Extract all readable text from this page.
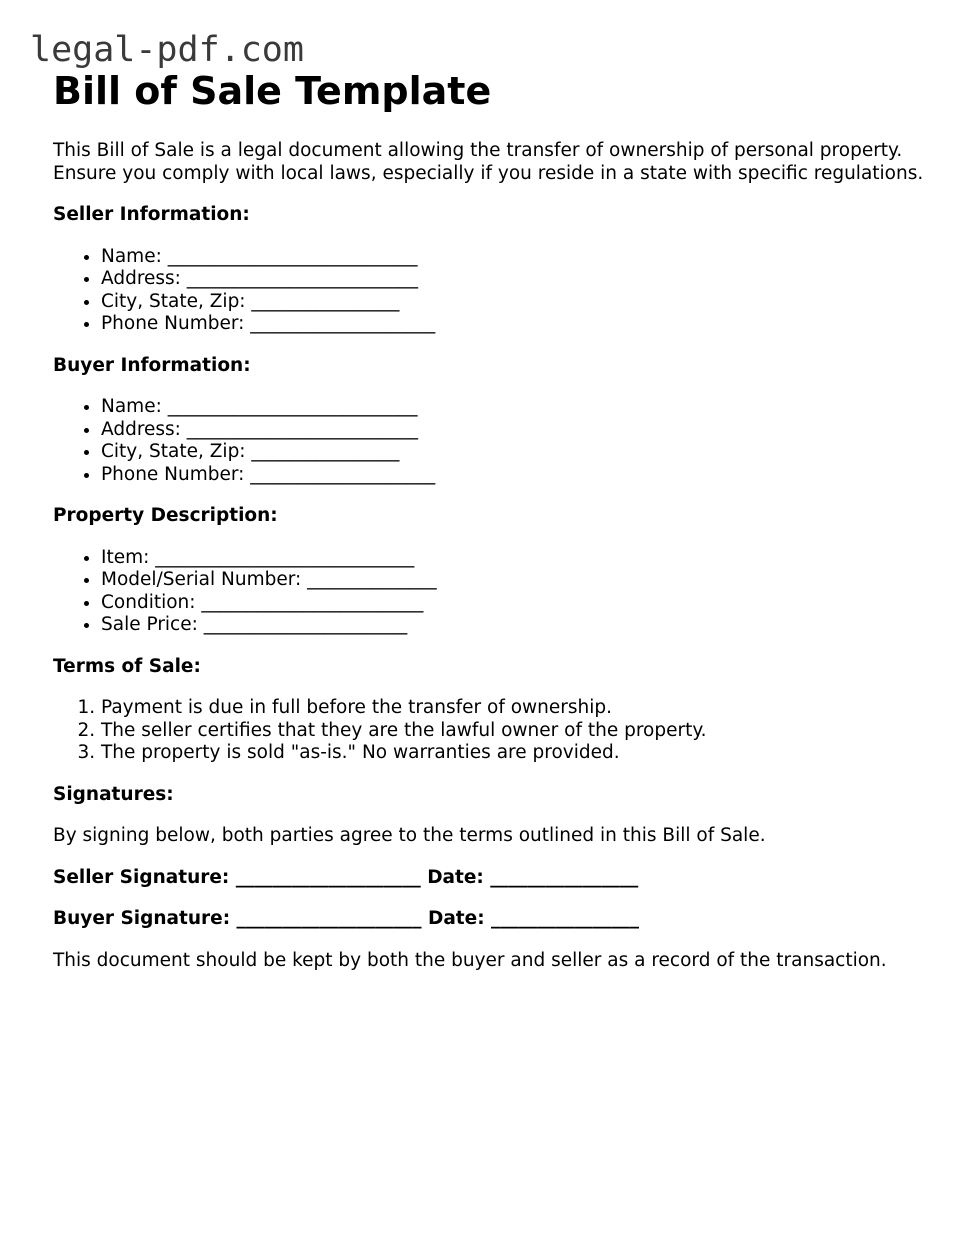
legal-pdf.com
Bill of Sale Template

This Bill of Sale is a legal document allowing the transfer of ownership of personal property. Ensure you comply with local laws, especially if you reside in a state with specific regulations.

Seller Information:

• Name: ___________________________
• Address: _________________________
• City, State, Zip: ________________
• Phone Number: ____________________

Buyer Information:

• Name: ___________________________
• Address: _________________________
• City, State, Zip: ________________
• Phone Number: ____________________

Property Description:

• Item: ____________________________
• Model/Serial Number: ______________
• Condition: ________________________
• Sale Price: ______________________

Terms of Sale:

1. Payment is due in full before the transfer of ownership.
2. The seller certifies that they are the lawful owner of the property.
3. The property is sold "as-is." No warranties are provided.

Signatures:

By signing below, both parties agree to the terms outlined in this Bill of Sale.

Seller Signature: ____________________ Date: ________________

Buyer Signature: ____________________ Date: ________________

This document should be kept by both the buyer and seller as a record of the transaction.
